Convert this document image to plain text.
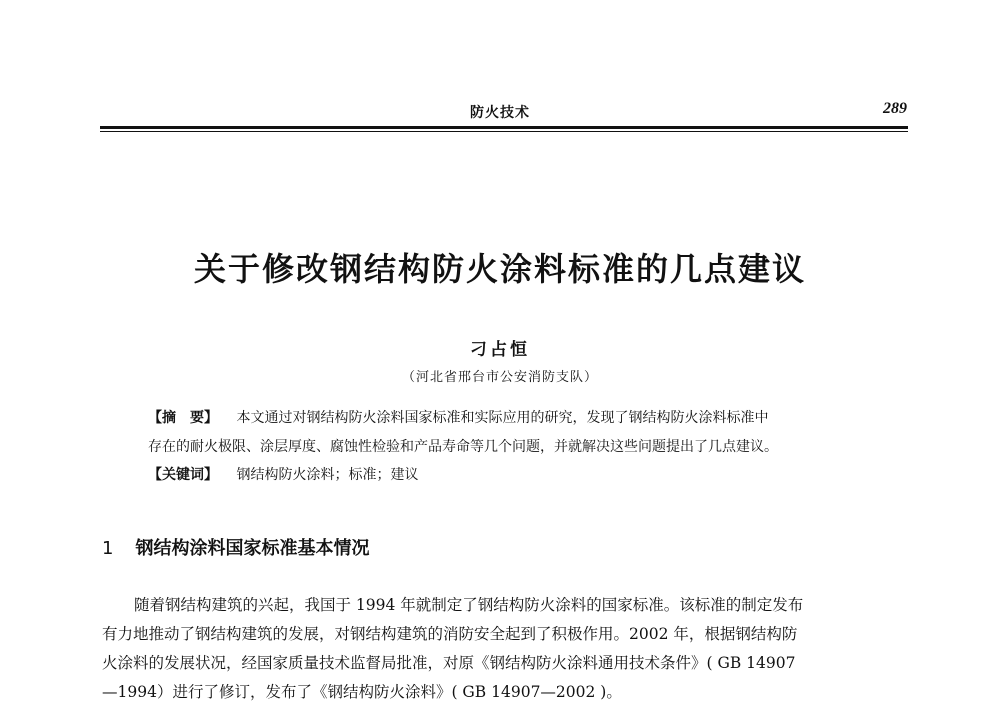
防火技术	289
关于修改钢结构防火涂料标准的几点建议
刁占恒
（河北省邢台市公安消防支队）
【摘　要】 本文通过对钢结构防火涂料国家标准和实际应用的研究，发现了钢结构防火涂料标准中
存在的耐火极限、涂层厚度、腐蚀性检验和产品寿命等几个问题，并就解决这些问题提出了几点建议。
【关键词】 钢结构防火涂料；标准；建议
1 钢结构涂料国家标准基本情况
随着钢结构建筑的兴起，我国于 1994 年就制定了钢结构防火涂料的国家标准。该标准的制定发布
有力地推动了钢结构建筑的发展，对钢结构建筑的消防安全起到了积极作用。2002 年，根据钢结构防
火涂料的发展状况，经国家质量技术监督局批准，对原《钢结构防火涂料通用技术条件》( GB 14907
—1994）进行了修订，发布了《钢结构防火涂料》( GB 14907—2002 )。
